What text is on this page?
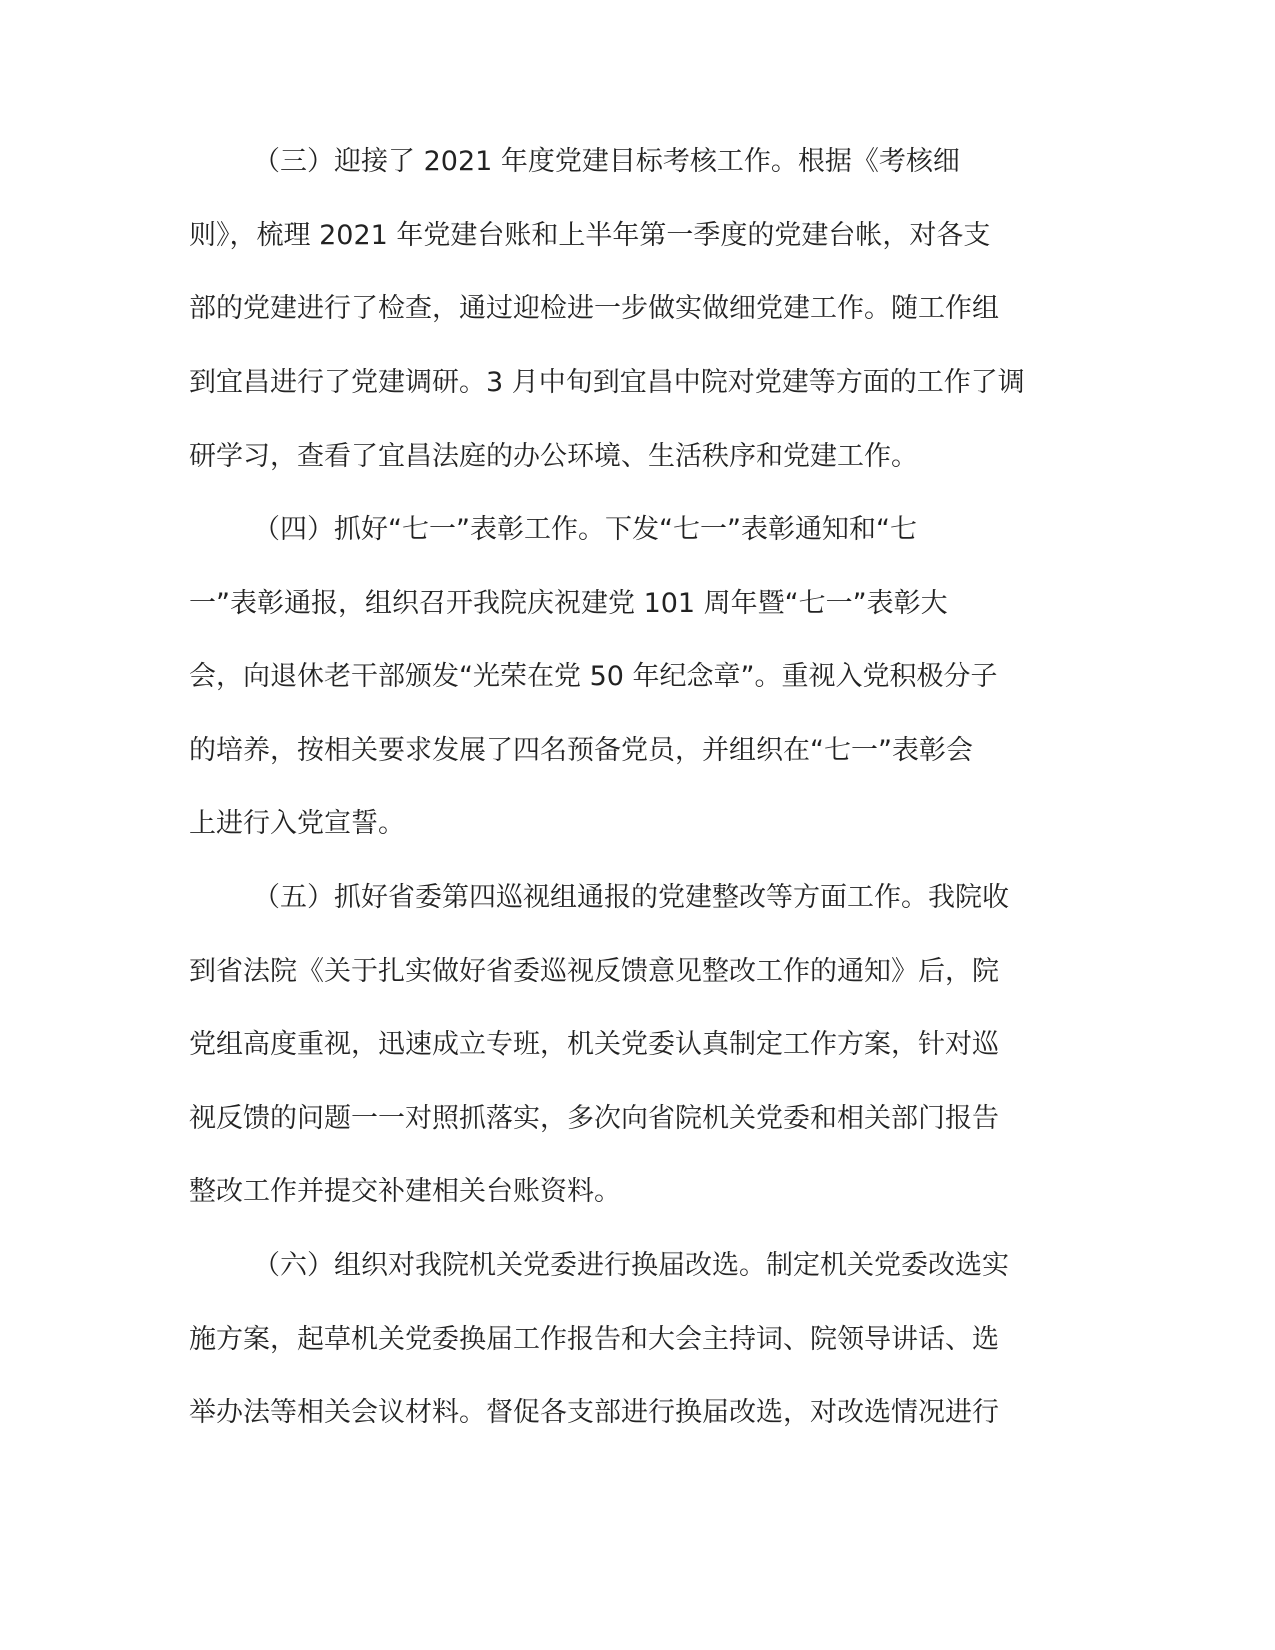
（三）迎接了 2021 年度党建目标考核工作。根据《考核细

则》，梳理 2021 年党建台账和上半年第一季度的党建台帐，对各支

部的党建进行了检查，通过迎检进一步做实做细党建工作。随工作组

到宜昌进行了党建调研。3 月中旬到宜昌中院对党建等方面的工作了调

研学习，查看了宜昌法庭的办公环境、生活秩序和党建工作。

（四）抓好“七一”表彰工作。下发“七一”表彰通知和“七

一”表彰通报，组织召开我院庆祝建党 101 周年暨“七一”表彰大

会，向退休老干部颁发“光荣在党 50 年纪念章”。重视入党积极分子

的培养，按相关要求发展了四名预备党员，并组织在“七一”表彰会

上进行入党宣誓。

（五）抓好省委第四巡视组通报的党建整改等方面工作。我院收

到省法院《关于扎实做好省委巡视反馈意见整改工作的通知》后，院

党组高度重视，迅速成立专班，机关党委认真制定工作方案，针对巡

视反馈的问题一一对照抓落实，多次向省院机关党委和相关部门报告

整改工作并提交补建相关台账资料。

（六）组织对我院机关党委进行换届改选。制定机关党委改选实

施方案，起草机关党委换届工作报告和大会主持词、院领导讲话、选

举办法等相关会议材料。督促各支部进行换届改选，对改选情况进行
